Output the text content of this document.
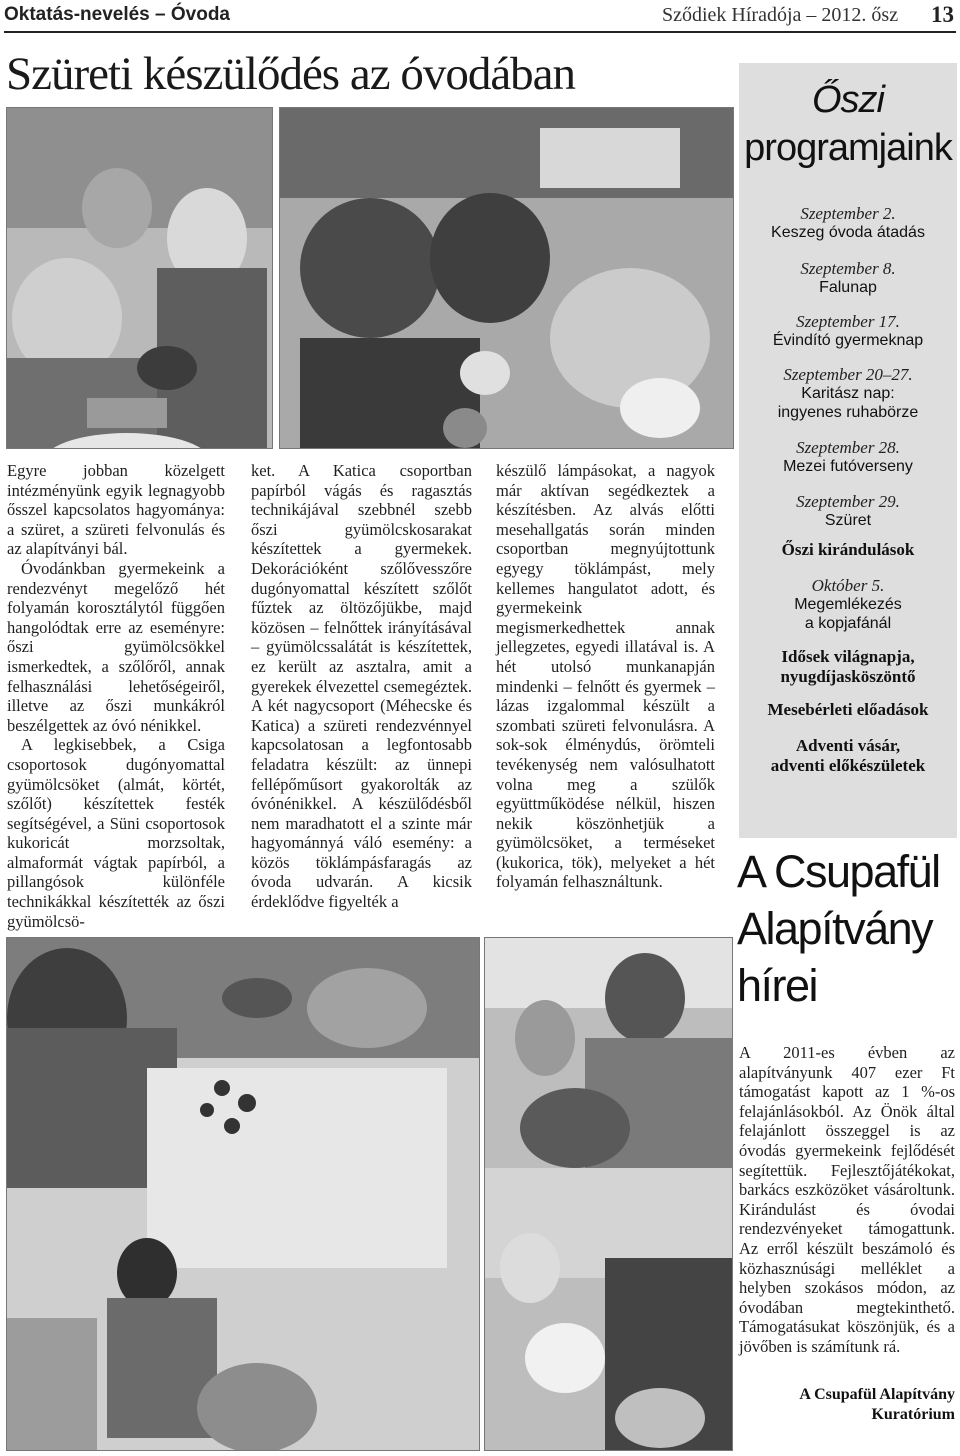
Oktatás-nevelés – Óvoda	Sződiek Híradója – 2012. ősz 13
Szüreti készülődés az óvodában

Egyre jobban közelgett intézményünk egyik legnagyobb ősszel kapcsolatos hagyománya: a szüret, a szüreti felvonulás és az alapítványi bál.

Óvodánkban gyermekeink a rendezvényt megelőző hét folyamán korosztálytól függően hangolódtak erre az eseményre: őszi gyümölcsökkel ismerkedtek, a szőlőről, annak felhasználási lehetőségeiről, illetve az őszi munkákról beszélgettek az óvó nénikkel.

A legkisebbek, a Csiga csoportosok dugónyomattal gyümölcsöket (almát, körtét, szőlőt) készítettek festék segítségével, a Süni csoportosok kukoricát morzsoltak, almaformát vágtak papírból, a pillangósok különféle technikákkal készítették az őszi gyümölcsö-

ket. A Katica csoportban papírból vágás és ragasztás technikájával szebbnél szebb őszi gyümölcskosarakat készítettek a gyermekek. Dekorációként szőlővesszőre dugónyomattal készített szőlőt fűztek az öltözőjükbe, majd közösen – felnőttek irányításával – gyümölcssalátát is készítettek, ez került az asztalra, amit a gyerekek élvezettel csemegéztek. A két nagycsoport (Méhecske és Katica) a szüreti rendezvénnyel kapcsolatosan a legfontosabb feladatra készült: az ünnepi fellépőműsort gyakorolták az óvónénikkel. A készülődésből nem maradhatott el a szinte már hagyománnyá váló esemény: a közös töklámpásfaragás az óvoda udvarán. A kicsik érdeklődve figyelték a

készülő lámpásokat, a nagyok már aktívan segédkeztek a készítésben. Az alvás előtti mesehallgatás során minden csoportban megnyújtottunk egyegy töklámpást, mely kellemes hangulatot adott, és gyermekeink megismerkedhettek annak jellegzetes, egyedi illatával is. A hét utolsó munkanapján mindenki – felnőtt és gyermek – lázas izgalommal készült a szombati szüreti felvonulásra. A sok-sok élménydús, örömteli tevékenység nem valósulhatott volna meg a szülők együttműködése nélkül, hiszen nekik köszönhetjük a gyümölcsöket, a terméseket (kukorica, tök), melyeket a hét folyamán felhasználtunk.

Őszi
programjaink
Szeptember 2.
Keszeg óvoda átadás
Szeptember 8.
Falunap
Szeptember 17.
Évindító gyermeknap
Szeptember 20–27.
Karitász nap:
ingyenes ruhabörze
Szeptember 28.
Mezei futóverseny
Szeptember 29.
Szüret
Őszi kirándulások
Október 5.
Megemlékezés
a kopjafánál
Idősek világnapja,
nyugdíjasköszöntő
Mesebérleti előadások
Adventi vásár,
adventi előkészületek
A Csupafül
Alapítvány
hírei

A 2011-es évben az alapítványunk 407 ezer Ft támogatást kapott az 1 %-os felajánlásokból. Az Önök által felajánlott összeggel is az óvodás gyermekeink fejlődését segítettük. Fejlesztőjátékokat, barkács eszközöket vásároltunk. Kirándulást és óvodai rendezvényeket támogattunk. Az erről készült beszámoló és közhasznúsági melléklet a helyben szokásos módon, az óvodában megtekinthető. Támogatásukat köszönjük, és a jövőben is számítunk rá.

A Csupafül Alapítvány
Kuratórium
